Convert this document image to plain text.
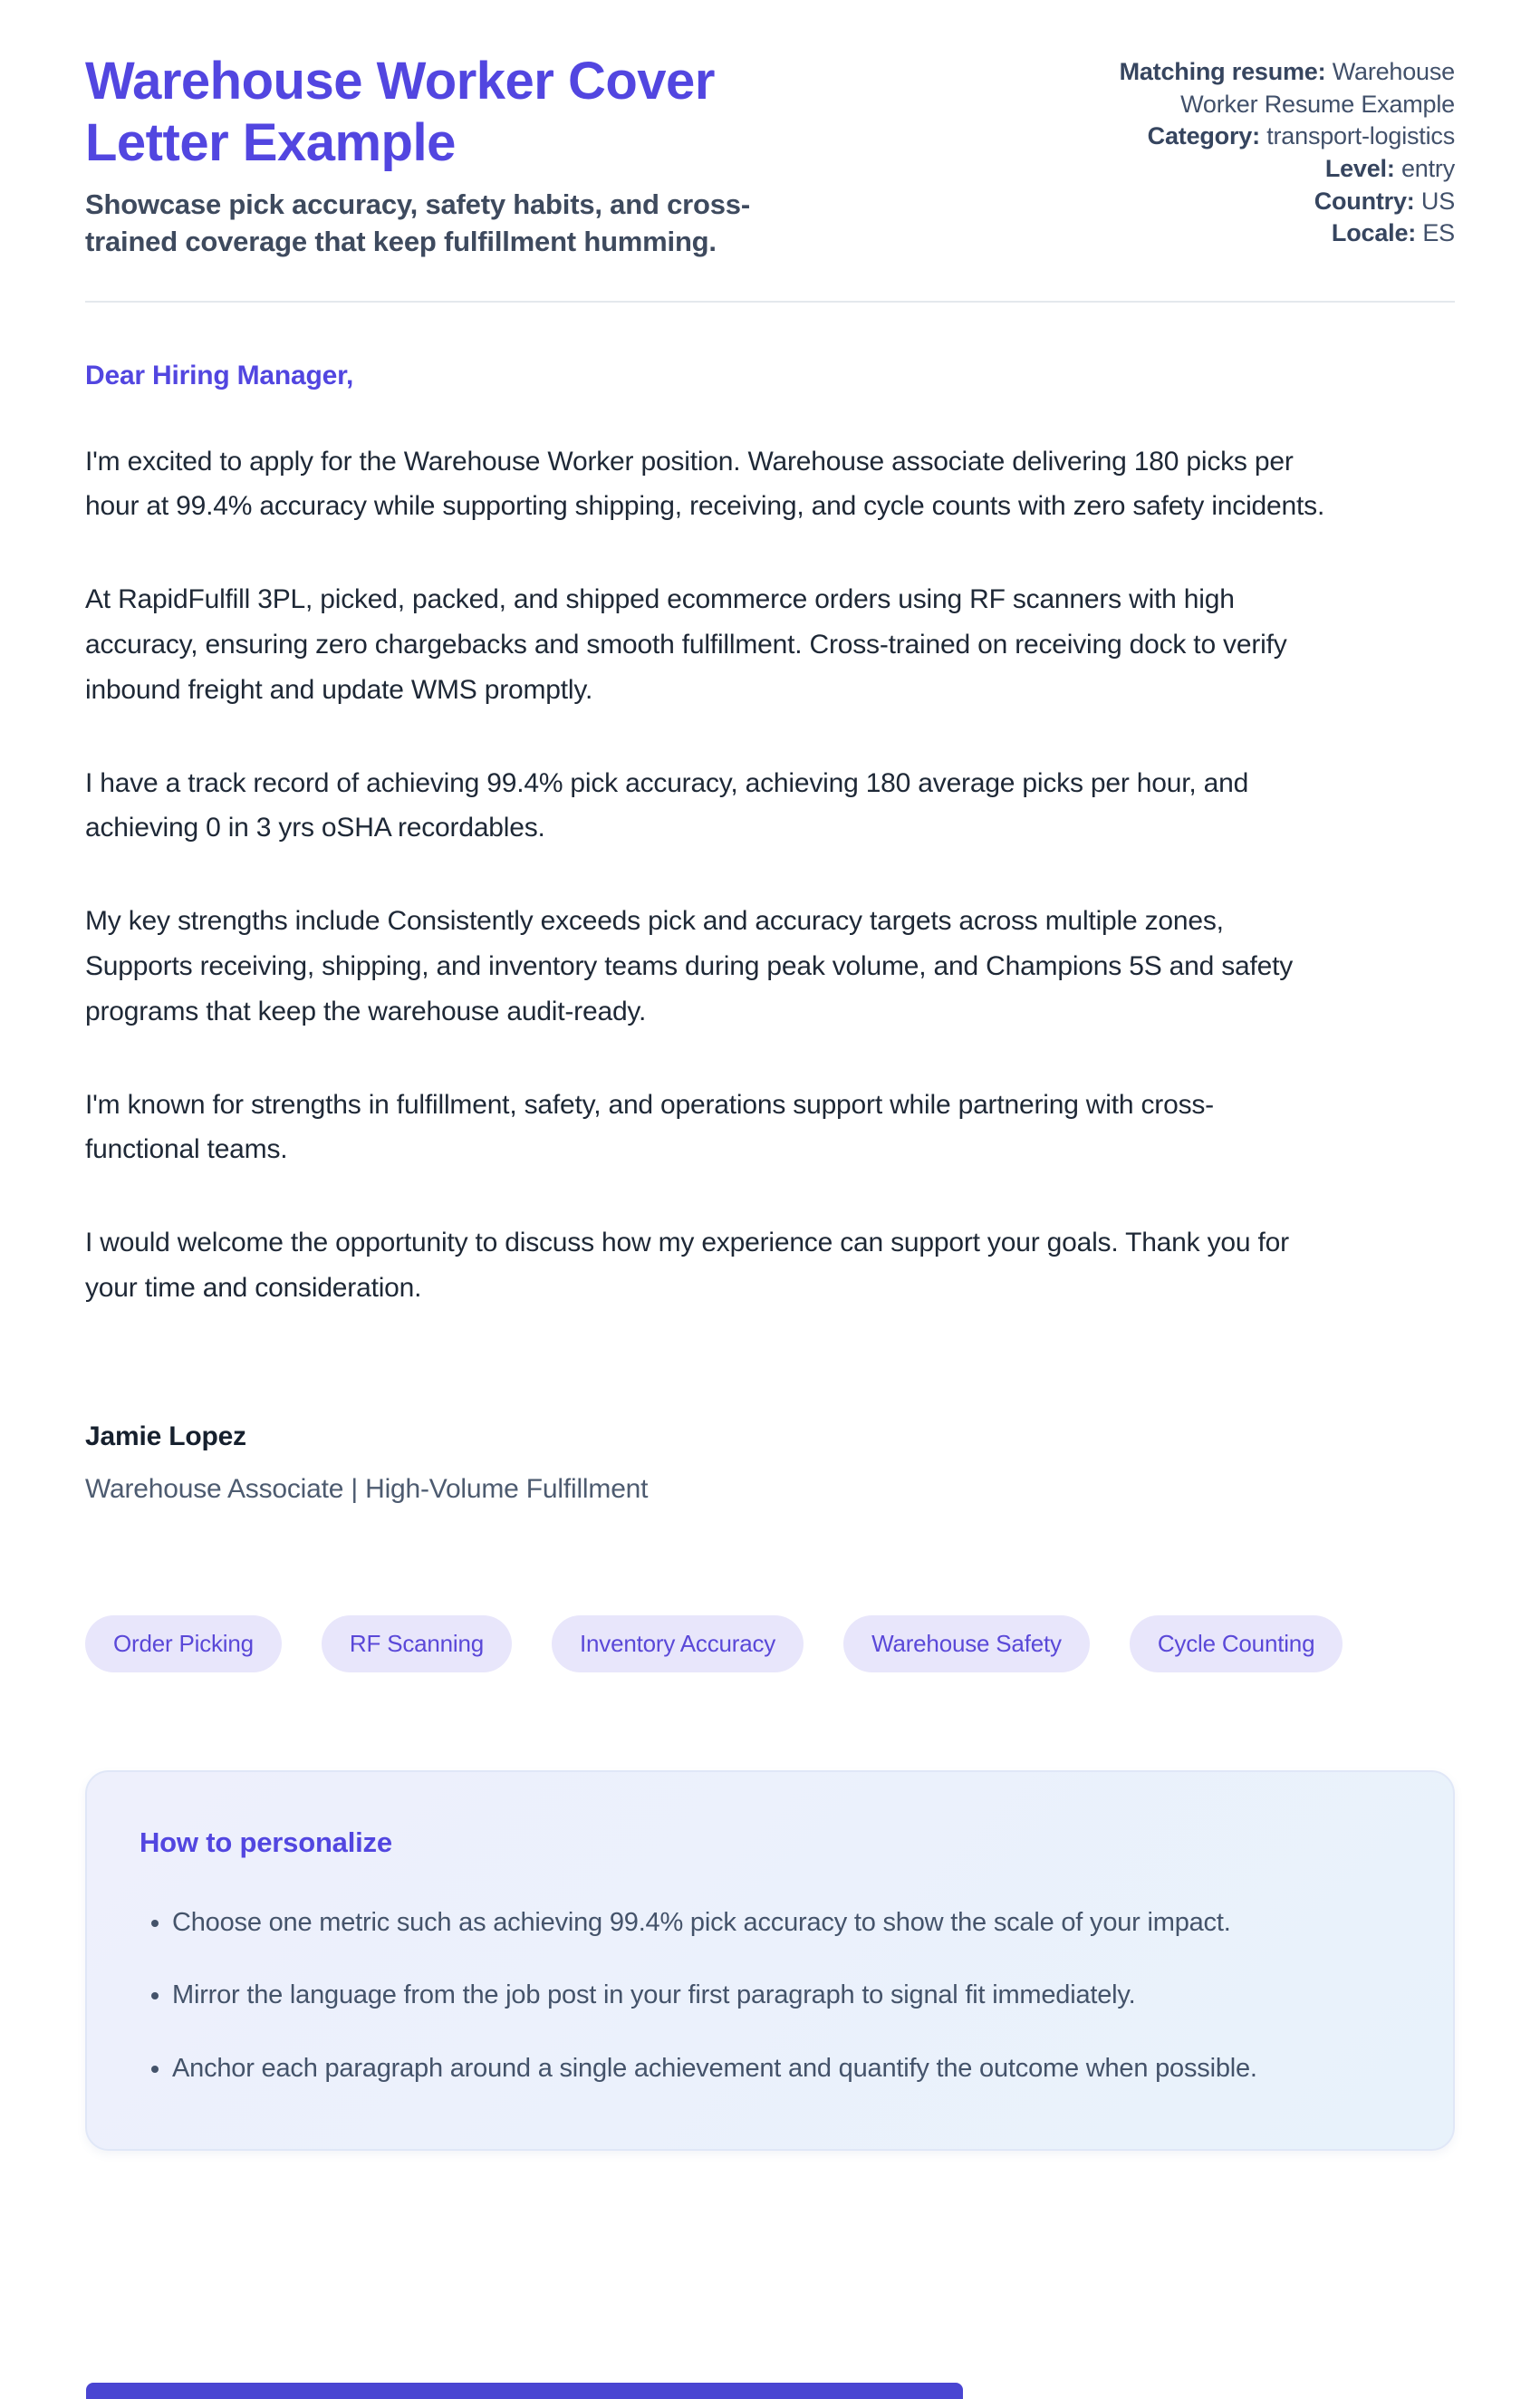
Warehouse Worker Cover Letter Example
Showcase pick accuracy, safety habits, and cross-trained coverage that keep fulfillment humming.
Matching resume: Warehouse Worker Resume Example
Category: transport-logistics
Level: entry
Country: US
Locale: ES
Dear Hiring Manager,

I'm excited to apply for the Warehouse Worker position. Warehouse associate delivering 180 picks per hour at 99.4% accuracy while supporting shipping, receiving, and cycle counts with zero safety incidents.

At RapidFulfill 3PL, picked, packed, and shipped ecommerce orders using RF scanners with high accuracy, ensuring zero chargebacks and smooth fulfillment. Cross-trained on receiving dock to verify inbound freight and update WMS promptly.

I have a track record of achieving 99.4% pick accuracy, achieving 180 average picks per hour, and achieving 0 in 3 yrs oSHA recordables.

My key strengths include Consistently exceeds pick and accuracy targets across multiple zones, Supports receiving, shipping, and inventory teams during peak volume, and Champions 5S and safety programs that keep the warehouse audit-ready.

I'm known for strengths in fulfillment, safety, and operations support while partnering with cross-functional teams.

I would welcome the opportunity to discuss how my experience can support your goals. Thank you for your time and consideration.

Jamie Lopez
Warehouse Associate | High-Volume Fulfillment
Order Picking	RF Scanning	Inventory Accuracy	Warehouse Safety	Cycle Counting
How to personalize
• Choose one metric such as achieving 99.4% pick accuracy to show the scale of your impact.
• Mirror the language from the job post in your first paragraph to signal fit immediately.
• Anchor each paragraph around a single achievement and quantify the outcome when possible.
